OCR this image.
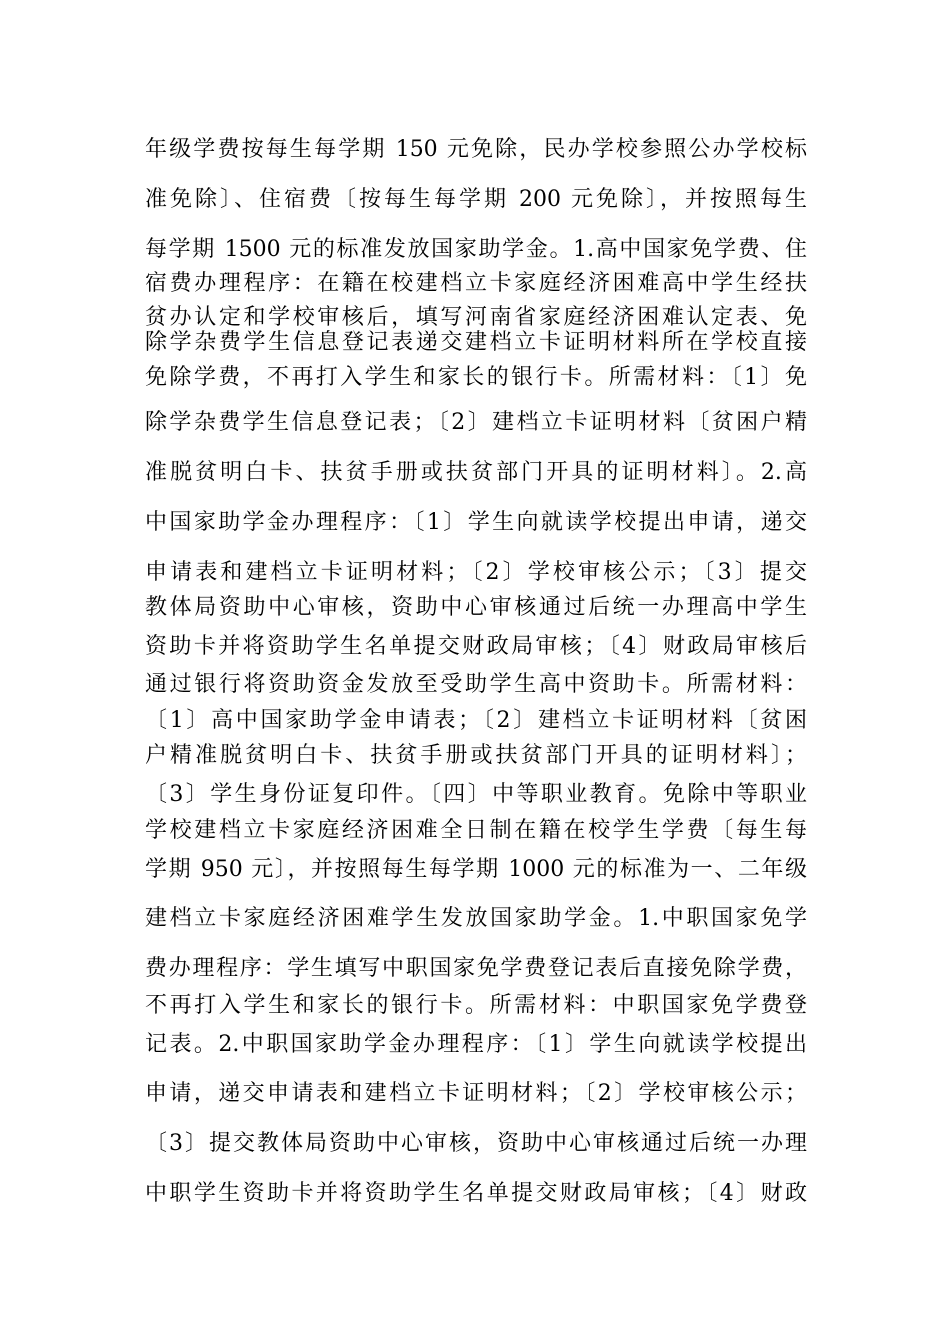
年级学费按每生每学期 150 元免除，民办学校参照公办学校标
准免除〕、住宿费〔按每生每学期 200 元免除〕，并按照每生
每学期 1500 元的标准发放国家助学金。1.高中国家免学费、住
宿费办理程序：在籍在校建档立卡家庭经济困难高中学生经扶
贫办认定和学校审核后，填写河南省家庭经济困难认定表、免
除学杂费学生信息登记表递交建档立卡证明材料所在学校直接
免除学费，不再打入学生和家长的银行卡。所需材料：〔1〕免
除学杂费学生信息登记表；〔2〕建档立卡证明材料〔贫困户精
准脱贫明白卡、扶贫手册或扶贫部门开具的证明材料〕。2.高
中国家助学金办理程序：〔1〕学生向就读学校提出申请，递交
申请表和建档立卡证明材料；〔2〕学校审核公示；〔3〕提交
教体局资助中心审核，资助中心审核通过后统一办理高中学生
资助卡并将资助学生名单提交财政局审核；〔4〕财政局审核后
通过银行将资助资金发放至受助学生高中资助卡。所需材料：
〔1〕高中国家助学金申请表；〔2〕建档立卡证明材料〔贫困
户精准脱贫明白卡、扶贫手册或扶贫部门开具的证明材料〕；
〔3〕学生身份证复印件。〔四〕中等职业教育。免除中等职业
学校建档立卡家庭经济困难全日制在籍在校学生学费〔每生每
学期 950 元〕，并按照每生每学期 1000 元的标准为一、二年级
建档立卡家庭经济困难学生发放国家助学金。1.中职国家免学
费办理程序：学生填写中职国家免学费登记表后直接免除学费，
不再打入学生和家长的银行卡。所需材料：中职国家免学费登
记表。2.中职国家助学金办理程序：〔1〕学生向就读学校提出
申请，递交申请表和建档立卡证明材料；〔2〕学校审核公示；
〔3〕提交教体局资助中心审核，资助中心审核通过后统一办理
中职学生资助卡并将资助学生名单提交财政局审核；〔4〕财政
